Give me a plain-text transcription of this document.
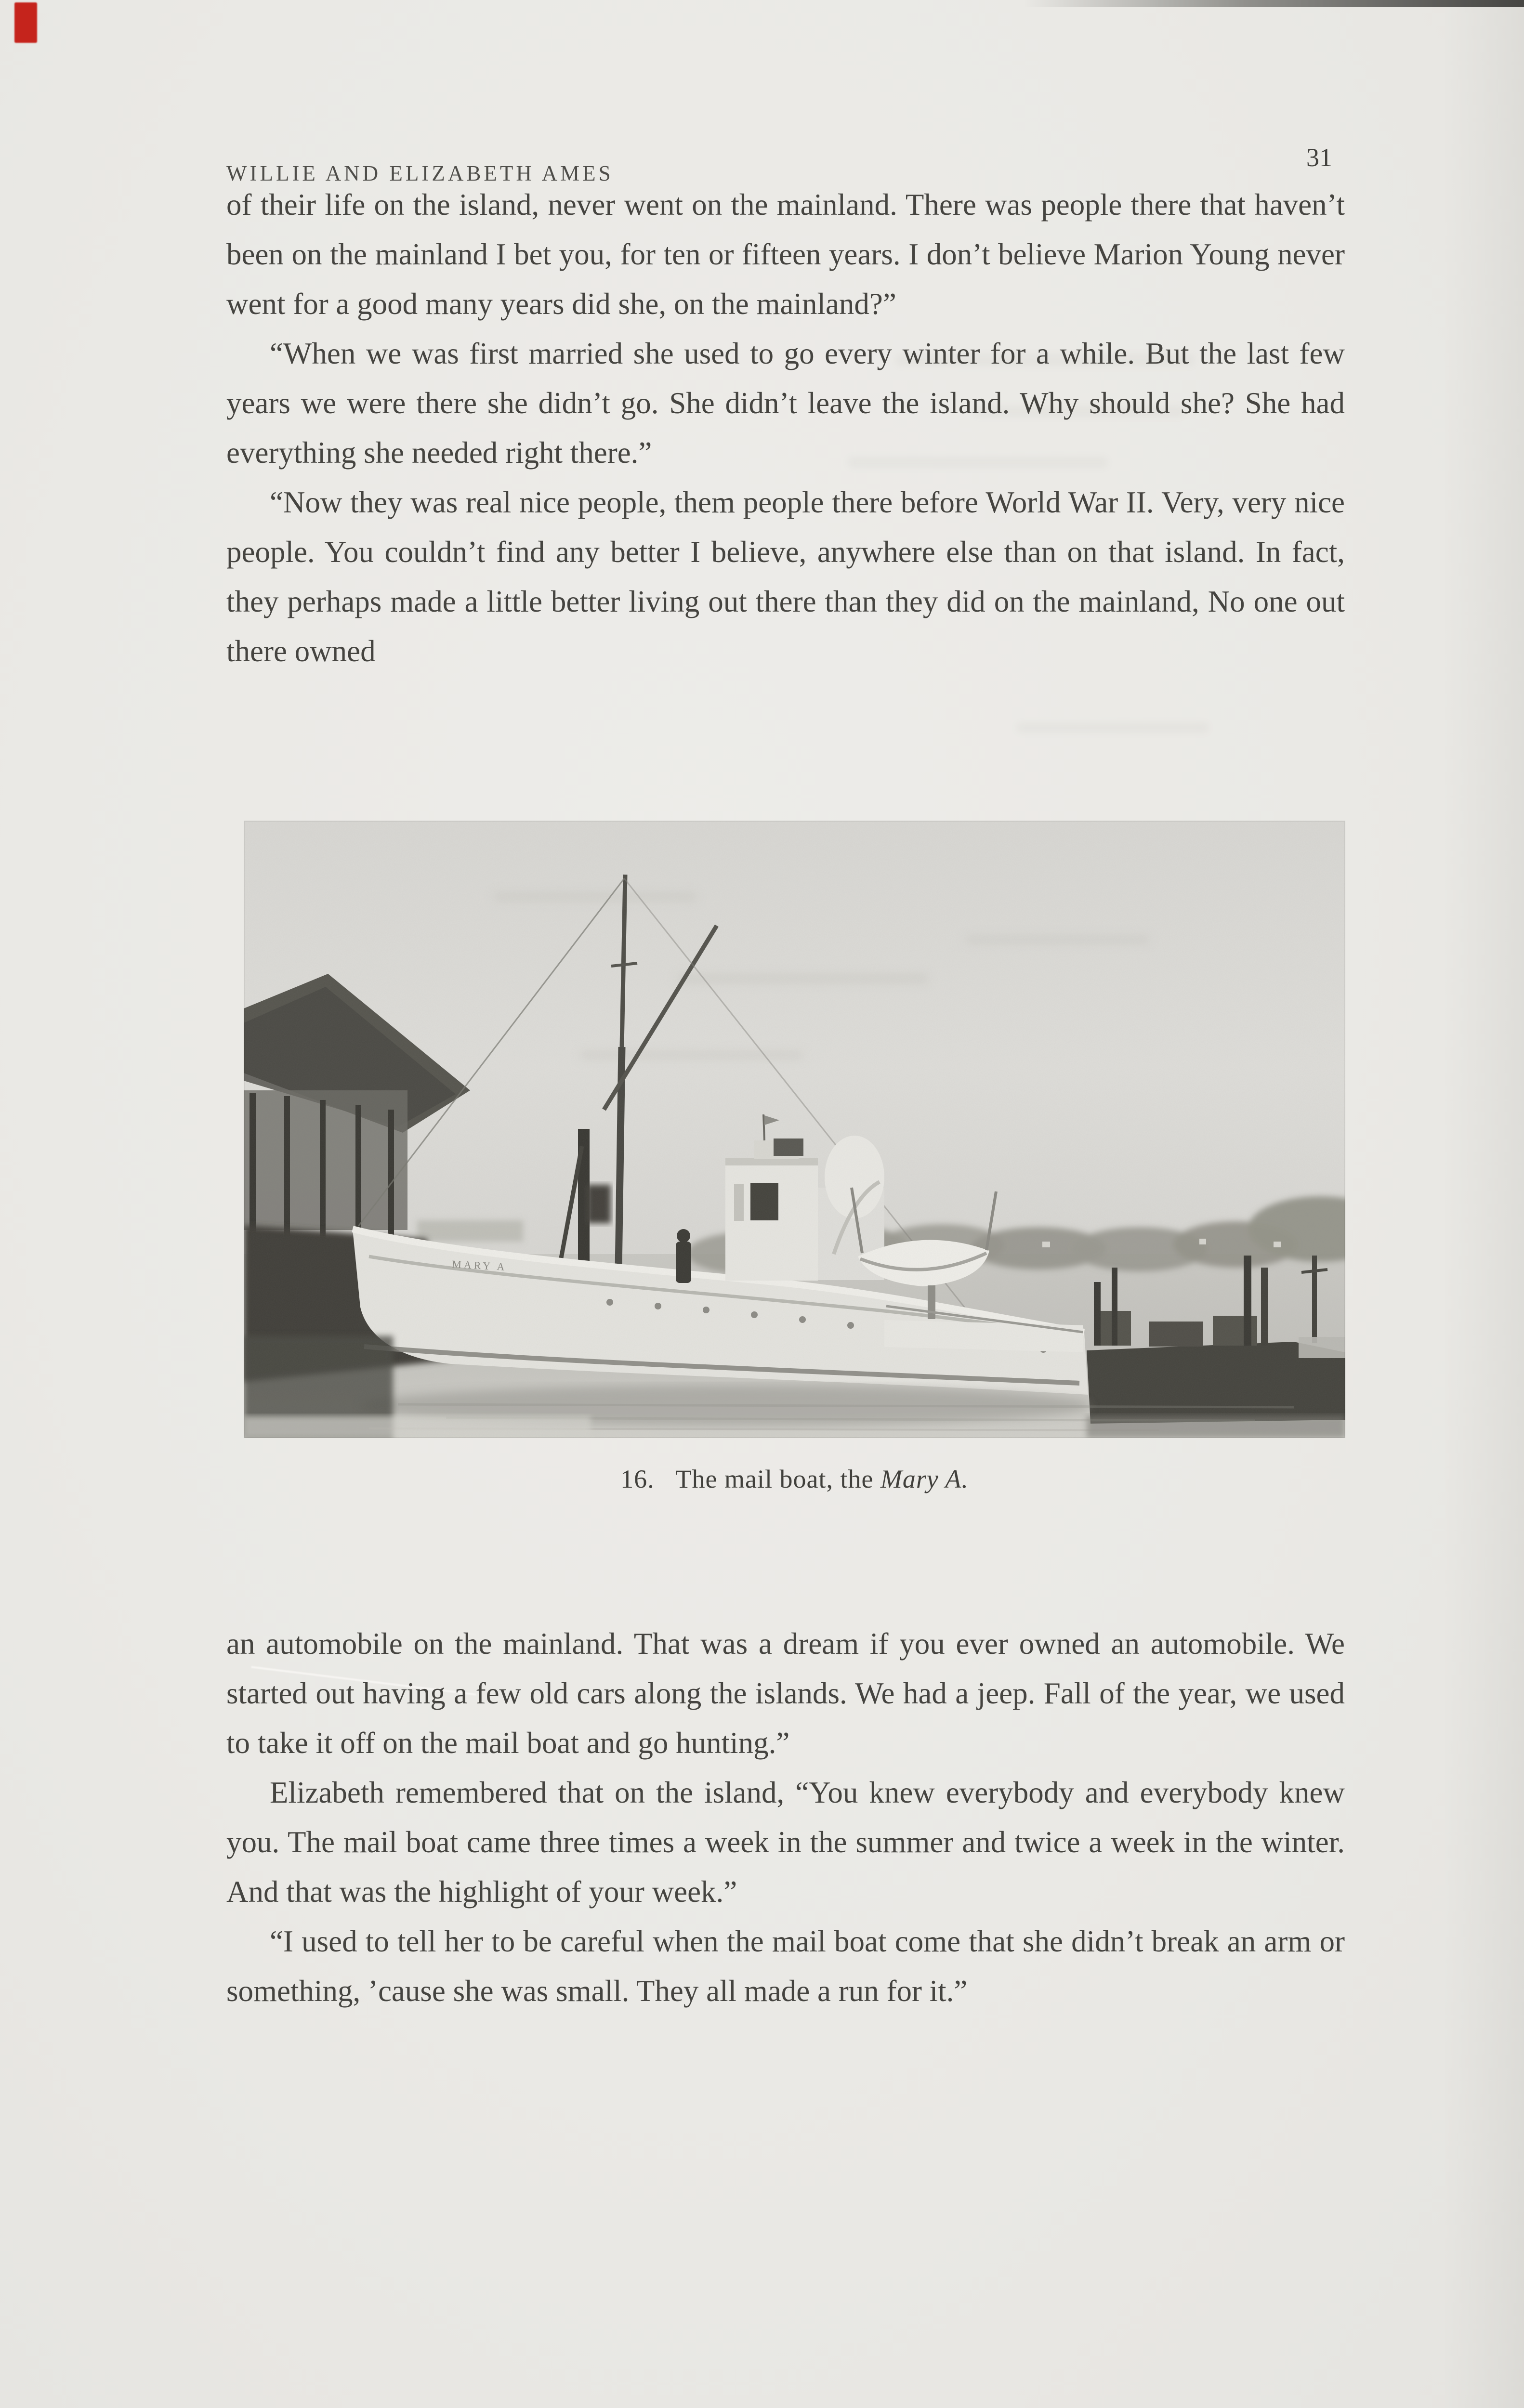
WILLIE AND ELIZABETH AMES
31

of their life on the island, never went on the mainland. There was people there that haven’t been on the mainland I bet you, for ten or fifteen years. I don’t believe Marion Young never went for a good many years did she, on the mainland?”

“When we was first married she used to go every winter for a while. But the last few years we were there she didn’t go. She didn’t leave the island. Why should she? She had everything she needed right there.”

“Now they was real nice people, them people there before World War II. Very, very nice people. You couldn’t find any better I believe, anywhere else than on that island. In fact, they perhaps made a little better living out there than they did on the mainland, No one out there owned

16. The mail boat, the Mary A.

an automobile on the mainland. That was a dream if you ever owned an automobile. We started out having a few old cars along the islands. We had a jeep. Fall of the year, we used to take it off on the mail boat and go hunting.”

Elizabeth remembered that on the island, “You knew everybody and everybody knew you. The mail boat came three times a week in the summer and twice a week in the winter. And that was the highlight of your week.”

“I used to tell her to be careful when the mail boat come that she didn’t break an arm or something, ’cause she was small. They all made a run for it.”
